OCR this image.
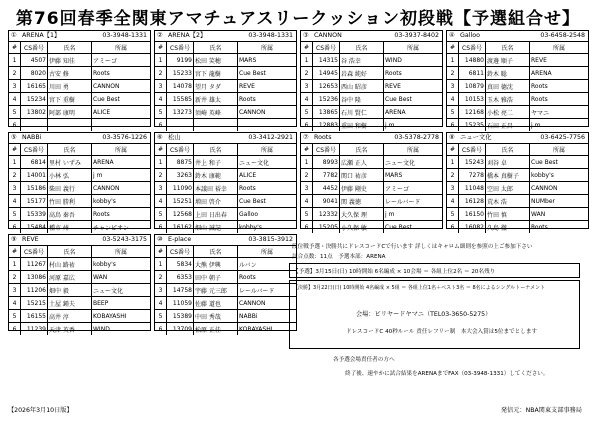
第76回春季全関東アマチュアスリークッション初段戦【予選組合せ】
① ARENA【1】	03-3948-1331
#	CS番号	氏名	所属
1	4507	伊藤 知佳	アミーゴ
2	8020	古安 修	Roots
3	16165	川田 勇	CANNON
4	15234	宮下 重樹	Cue Best
5	13802	阿部 康明	ALICE
6			
② ARENA【2】	03-3948-1331
#	CS番号	氏名	所属
1	9199	松田 笑穂	MARS
2	15233	宮下 龍樹	Cue Best
3	14078	望月 タダ	REVE
4	15585	新井 雄太	Roots
5	13273	須崎 英峰	CANNON
6			
③ CANNON	03-3937-8402
#	CS番号	氏名	所属
1	14315	谷 浩幸	WIND
2	14945	岩森 純好	Roots
3	12653	西山 昭彦	REVE
4	15236	谷中 隆	Cue Best
5	13865	石川 賢仁	ARENA
6	12883	重田 和樹	j m
④ Galloo	03-6458-2548
#	CS番号	氏名	所属
1	14880	渡邊 順子	REVE
2	6811	鈴木 聡	ARENA
3	10879	真田 德沈	Roots
4	10153	玉木 雅浩	Roots
5	12168	小松 亮二	ヤマニ
6	15235	石田 正昌	j m
⑤ NABBi	03-3576-1226
#	CS番号	氏名	所属
1	6814	里村 いずみ	ARENA
2	14001	小林 弘	j m
3	15186	柴田 義行	CANNON
4	15177	竹田 勝利	kobby's
5	15339	高鳥 秦吾	Roots
6	15484	種市 州	チャンピオン
⑥ 松山	03-3412-2921
#	CS番号	氏名	所属
1	8875	井上 和子	ニュー文化
2	3263	鈴木 康範	ALICE
3	11090	本議田 裕幸	Roots
4	15251	増田 啓介	Cue Best
5	12568	上田 日出春	Galloo
6	16162	畑山 誠記	kobby's
⑦ Roots	03-5378-2778
#	CS番号	氏名	所属
1	8993	広瀬 正人	ニュー文化
2	7782	関口 祐彦	MARS
3	4452	伊藤 剛史	アミーゴ
4	9041	関 義徳	レールバード
5	12332	大久保 理	j m
6	15205	小久保 敏	Cue Best
⑧ ニュー文化	03-6425-7756
#	CS番号	氏名	所属
1	15243	刈谷 卓	Cue Best
2	7278	橋本 真樹子	kobby's
3	11048	空田 太郎	CANNON
4	16128	荒木 浩	NUMber
5	16150	竹田 慎	WAN
6	16082	久島 徹	Roots
⑨ REVE	03-5243-3175
#	CS番号	氏名	所属
1	11267	村山 路祐	kobby's
2	13086	河原 嘉広	WAN
3	11206	畑中 毅	ニュー文化
4	15215	土屋 鍾夫	BEEP
5	16155	高井 淳	KOBAYASHI
6	11239	天津 英香	WIND
⑩ E-place	03-3815-3912
#	CS番号	氏名	所属
1	5834	大熊 伊興	ルバン
2	6353	田中 朝子	Roots
3	14758	宇藤 元三郎	レールバード
4	11059	佐藤 道也	CANNON
5	15389	中田 秀哉	NABBi
6	13709	松原 正佳	KOBAYASHI
段位戦予選・決勝共にドレスコードCで行います 詳しくはキャロム細則を参照の上ご参加下さい
試合点数：11点　予選本部：ARENA
【予選】3月15日(日) 10時開始 6名編成 × 10会場 ＝ 各組上位2名 ＝ 20名残り
【決勝】3月22日(日) 10時開始 4名編成 × 5組 ＝ 各組上位1名＋ベスト3名 ＝ 8名によるシングルトーナメント
会場：ビリヤードヤマニ（TEL03-3650-5275）
ドレスコードC 40秒ルール 責任レフリー制　本大会入賞は5位までとします
各予選会場責任者の方へ
終了後、速やかに試合結果をARENAまでFAX（03-3948-1331）してください。
【2026年3月10日版】	発信元：NBA関東支部事務局
